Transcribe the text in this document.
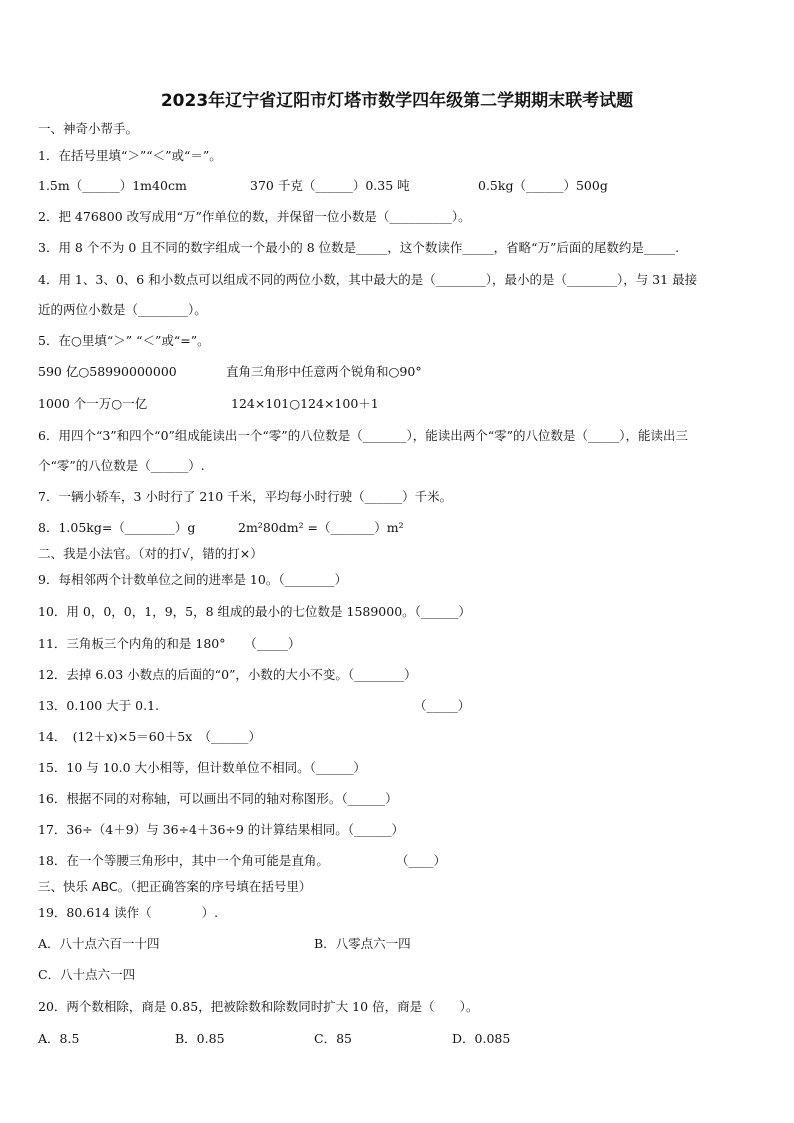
2023年辽宁省辽阳市灯塔市数学四年级第二学期期末联考试题
一、神奇小帮手。
1．在括号里填“＞”“＜”或“＝”。
1.5m（______）1m40cm	370 千克（______）0.35 吨	0.5kg（______）500g
2．把 476800 改写成用“万”作单位的数，并保留一位小数是（__________）。
3．用 8 个不为 0 且不同的数字组成一个最小的 8 位数是_____，这个数读作_____，省略“万”后面的尾数约是_____.
4．用 1、3、0、6 和小数点可以组成不同的两位小数，其中最大的是（________），最小的是（________），与 31 最接
近的两位小数是（________）。
5．在○里填“＞” “＜”或“=”。
590 亿○58990000000	直角三角形中任意两个锐角和○90°
1000 个一万○一亿	124×101○124×100＋1
6．用四个“3”和四个“0”组成能读出一个“零”的八位数是（_______），能读出两个“零”的八位数是（_____），能读出三
个“零”的八位数是（______）.
7．一辆小轿车，3 小时行了 210 千米，平均每小时行驶（______）千米。
8．1.05kg=（________）g	2m²80dm² =（_______）m²
二、我是小法官。（对的打√，错的打×）
9．每相邻两个计数单位之间的进率是 10。（________）
10．用 0，0，0，1，9，5，8 组成的最小的七位数是 1589000。（______）
11．三角板三个内角的和是 180°　　（_____）
12．去掉 6.03 小数点的后面的“0”，小数的大小不变。（________）
13．0.100 大于 0.1.	（_____）
14．　(12＋x)×5＝60＋5x　（______）
15．10 与 10.0 大小相等，但计数单位不相同。（______）
16．根据不同的对称轴，可以画出不同的轴对称图形。（______）
17．36÷（4＋9）与 36÷4＋36÷9 的计算结果相同。（______）
18．在一个等腰三角形中，其中一个角可能是直角。	（____）
三、快乐 ABC。（把正确答案的序号填在括号里）
19．80.614 读作（　　　　）.
A．八十点六百一十四	B．八零点六一四
C．八十点六一四
20．两个数相除，商是 0.85，把被除数和除数同时扩大 10 倍，商是（　　）。
A．8.5	B．0.85	C．85	D．0.085
